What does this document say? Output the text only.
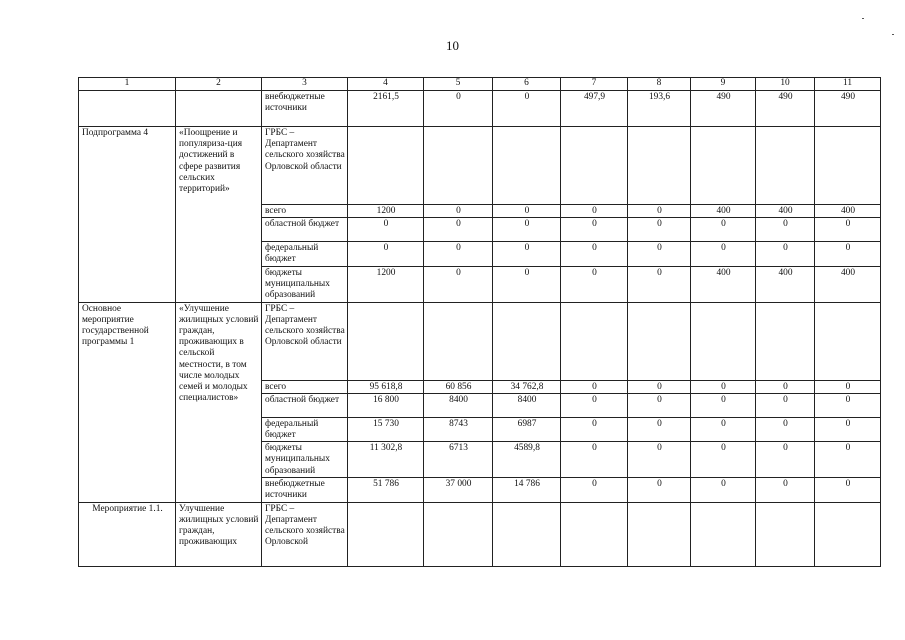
10
1	2	3	4	5	6	7	8	9	10	11
		внебюджетные источники	2161,5	0	0	497,9	193,6	490	490	490
Подпрограмма 4	«Поощрение и популяриза-ция достижений в сфере развития сельских территорий»	ГРБС – Департамент сельского хозяйства Орловской области								
		всего	1200	0	0	0	0	400	400	400
		областной бюджет	0	0	0	0	0	0	0	0
		федеральный бюджет	0	0	0	0	0	0	0	0
		бюджеты муниципальных образований	1200	0	0	0	0	400	400	400
Основное мероприятие государственной программы 1	«Улучшение жилищных условий граждан, проживающих в сельской местности, в том числе молодых семей и молодых специалистов»	ГРБС – Департамент сельского хозяйства Орловской области								
		всего	95 618,8	60 856	34 762,8	0	0	0	0	0
		областной бюджет	16 800	8400	8400	0	0	0	0	0
		федеральный бюджет	15 730	8743	6987	0	0	0	0	0
		бюджеты муниципальных образований	11 302,8	6713	4589,8	0	0	0	0	0
		внебюджетные источники	51 786	37 000	14 786	0	0	0	0	0
Мероприятие 1.1.	Улучшение жилищных условий граждан, проживающих	ГРБС – Департамент сельского хозяйства Орловской								
